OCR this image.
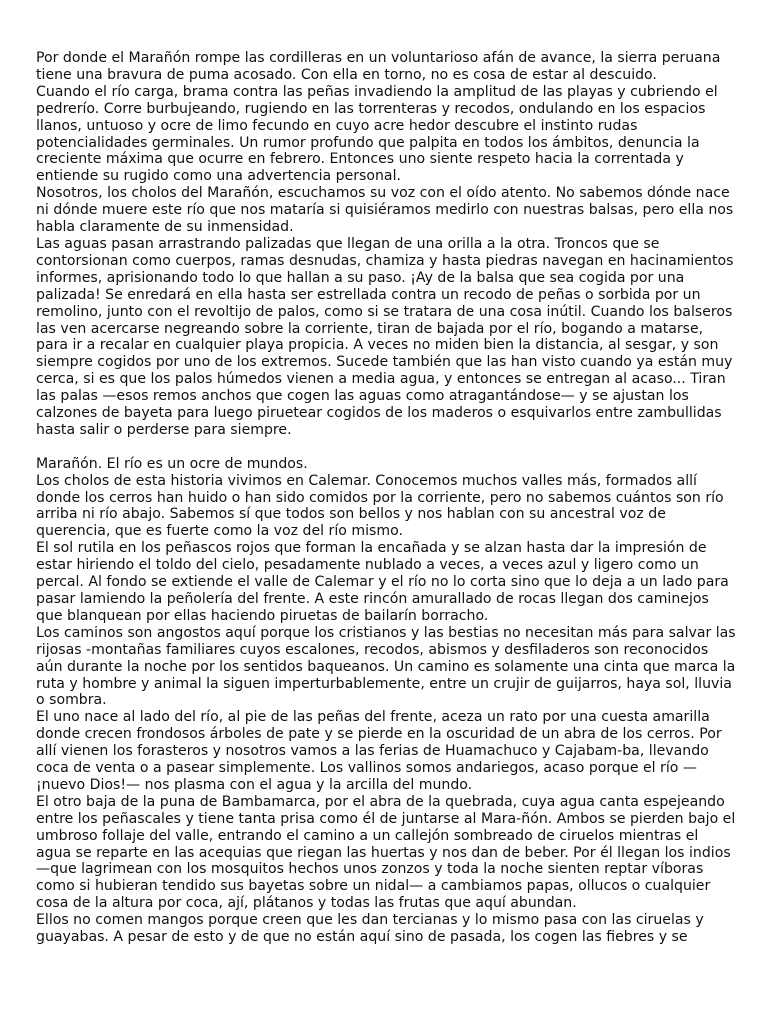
Por donde el Marañón rompe las cordilleras en un voluntarioso afán de avance, la sierra peruana tiene una bravura de puma acosado. Con ella en torno, no es cosa de estar al descuido.

Cuando el río carga, brama contra las peñas invadiendo la amplitud de las playas y cubriendo el pedrerío. Corre burbujeando, rugiendo en las torrenteras y recodos, ondulando en los espacios llanos, untuoso y ocre de limo fecundo en cuyo acre hedor descubre el instinto rudas potencialidades germinales. Un rumor profundo que palpita en todos los ámbitos, denuncia la creciente máxima que ocurre en febrero. Entonces uno siente respeto hacia la correntada y entiende su rugido como una advertencia personal.

Nosotros, los cholos del Marañón, escuchamos su voz con el oído atento. No sabemos dónde nace ni dónde muere este río que nos mataría si quisiéramos medirlo con nuestras balsas, pero ella nos habla claramente de su inmensidad.

Las aguas pasan arrastrando palizadas que llegan de una orilla a la otra. Troncos que se contorsionan como cuerpos, ramas desnudas, chamiza y hasta piedras navegan en hacinamientos informes, aprisionando todo lo que hallan a su paso. ¡Ay de la balsa que sea cogida por una palizada! Se enredará en ella hasta ser estrellada contra un recodo de peñas o sorbida por un remolino, junto con el revoltijo de palos, como si se tratara de una cosa inútil. Cuando los balseros las ven acercarse negreando sobre la corriente, tiran de bajada por el río, bogando a matarse, para ir a recalar en cualquier playa propicia. A veces no miden bien la distancia, al sesgar, y son siempre cogidos por uno de los extremos. Sucede también que las han visto cuando ya están muy cerca, si es que los palos húmedos vienen a media agua, y entonces se entregan al acaso... Tiran las palas —esos remos anchos que cogen las aguas como atragantándose— y se ajustan los calzones de bayeta para luego piruetear cogidos de los maderos o esquivarlos entre zambullidas hasta salir o perderse para siempre.

Marañón. El río es un ocre de mundos.

Los cholos de esta historia vivimos en Calemar. Conocemos muchos valles más, formados allí donde los cerros han huido o han sido comidos por la corriente, pero no sabemos cuántos son río arriba ni río abajo. Sabemos sí que todos son bellos y nos hablan con su ancestral voz de querencia, que es fuerte como la voz del río mismo.

El sol rutila en los peñascos rojos que forman la encañada y se alzan hasta dar la impresión de estar hiriendo el toldo del cielo, pesadamente nublado a veces, a veces azul y ligero como un percal. Al fondo se extiende el valle de Calemar y el río no lo corta sino que lo deja a un lado para pasar lamiendo la peñolería del frente. A este rincón amurallado de rocas llegan dos caminejos que blanquean por ellas haciendo piruetas de bailarín borracho.

Los caminos son angostos aquí porque los cristianos y las bestias no necesitan más para salvar las rijosas -montañas familiares cuyos escalones, recodos, abismos y desfiladeros son reconocidos aún durante la noche por los sentidos baqueanos. Un camino es solamente una cinta que marca la ruta y hombre y animal la siguen imperturbablemente, entre un crujir de guijarros, haya sol, lluvia o sombra.

El uno nace al lado del río, al pie de las peñas del frente, aceza un rato por una cuesta amarilla donde crecen frondosos árboles de pate y se pierde en la oscuridad de un abra de los cerros. Por allí vienen los forasteros y nosotros vamos a las ferias de Huamachuco y Cajabam-ba, llevando coca de venta o a pasear simplemente. Los vallinos somos andariegos, acaso porque el río —¡nuevo Dios!— nos plasma con el agua y la arcilla del mundo.

El otro baja de la puna de Bambamarca, por el abra de la quebrada, cuya agua canta espejeando entre los peñascales y tiene tanta prisa como él de juntarse al Mara-ñón. Ambos se pierden bajo el umbroso follaje del valle, entrando el camino a un callejón sombreado de ciruelos mientras el agua se reparte en las acequias que riegan las huertas y nos dan de beber. Por él llegan los indios —que lagrimean con los mosquitos hechos unos zonzos y toda la noche sienten reptar víboras como si hubieran tendido sus bayetas sobre un nidal— a cambiamos papas, ollucos o cualquier cosa de la altura por coca, ají, plátanos y todas las frutas que aquí abundan.

Ellos no comen mangos porque creen que les dan tercianas y lo mismo pasa con las ciruelas y guayabas. A pesar de esto y de que no están aquí sino de pasada, los cogen las fiebres y se
